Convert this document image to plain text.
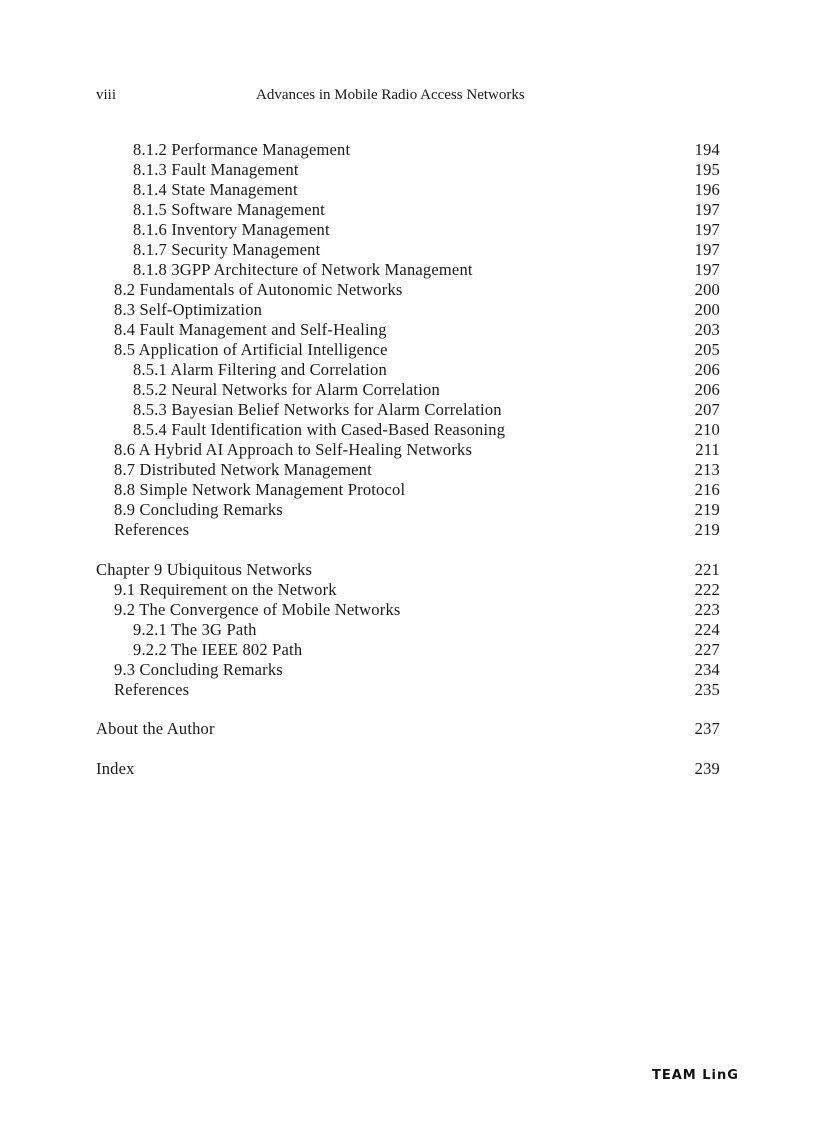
viii	Advances in Mobile Radio Access Networks
8.1.2 Performance Management	194
8.1.3 Fault Management	195
8.1.4 State Management	196
8.1.5 Software Management	197
8.1.6 Inventory Management	197
8.1.7 Security Management	197
8.1.8 3GPP Architecture of Network Management	197
8.2 Fundamentals of Autonomic Networks	200
8.3 Self-Optimization	200
8.4 Fault Management and Self-Healing	203
8.5 Application of Artificial Intelligence	205
8.5.1 Alarm Filtering and Correlation	206
8.5.2 Neural Networks for Alarm Correlation	206
8.5.3 Bayesian Belief Networks for Alarm Correlation	207
8.5.4 Fault Identification with Cased-Based Reasoning	210
8.6 A Hybrid AI Approach to Self-Healing Networks	211
8.7 Distributed Network Management	213
8.8 Simple Network Management Protocol	216
8.9 Concluding Remarks	219
References	219
Chapter 9 Ubiquitous Networks	221
9.1 Requirement on the Network	222
9.2 The Convergence of Mobile Networks	223
9.2.1 The 3G Path	224
9.2.2 The IEEE 802 Path	227
9.3 Concluding Remarks	234
References	235
About the Author	237
Index	239
TEAM LinG
